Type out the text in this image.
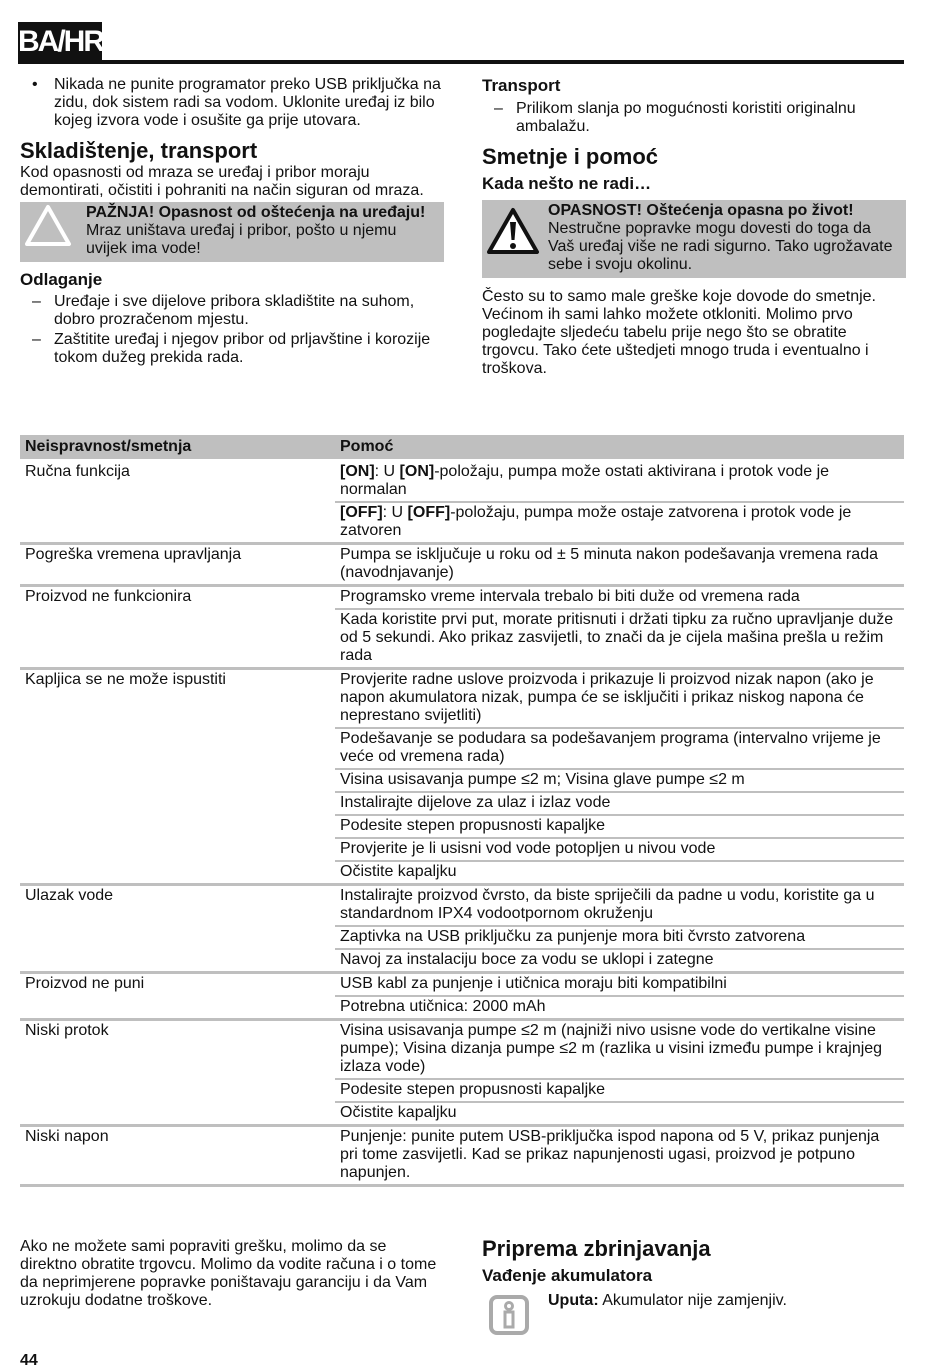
BA/HR

• Nikada ne punite programator preko USB priključka na zidu, dok sistem radi sa vodom. Uklonite uređaj iz bilo kojeg izvora vode i osušite ga prije utovara.

Skladištenje, transport

Kod opasnosti od mraza se uređaj i pribor moraju demontirati, očistiti i pohraniti na način siguran od mraza.

PAŽNJA! Opasnost od oštećenja na uređaju! Mraz uništava uređaj i pribor, pošto u njemu uvijek ima vode!

Odlaganje

– Uređaje i sve dijelove pribora skladištite na suhom, dobro prozračenom mjestu.

– Zaštitite uređaj i njegov pribor od prljavštine i korozije tokom dužeg prekida rada.

Transport

– Prilikom slanja po mogućnosti koristiti originalnu ambalažu.

Smetnje i pomoć
Kada nešto ne radi…

OPASNOST! Oštećenja opasna po život!
Nestručne popravke mogu dovesti do toga da Vaš uređaj više ne radi sigurno. Tako ugrožavate sebe i svoju okolinu.

Često su to samo male greške koje dovode do smetnje. Većinom ih sami lahko možete otkloniti. Molimo prvo pogledajte sljedeću tabelu prije nego što se obratite trgovcu. Tako ćete uštedjeti mnogo truda i eventualno i troškova.

Neispravnost/smetnja	Pomoć
Ručna funkcija	[ON]: U [ON]-položaju, pumpa može ostati aktivirana i protok vode je normalan
	[OFF]: U [OFF]-položaju, pumpa može ostaje zatvorena i protok vode je zatvoren
Pogreška vremena upravljanja	Pumpa se isključuje u roku od ± 5 minuta nakon podešavanja vremena rada (navodnjavanje)
Proizvod ne funkcionira	Programsko vreme intervala trebalo bi biti duže od vremena rada
	Kada koristite prvi put, morate pritisnuti i držati tipku za ručno upravljanje duže od 5 sekundi. Ako prikaz zasvijetli, to znači da je cijela mašina prešla u režim rada
Kapljica se ne može ispustiti	Provjerite radne uslove proizvoda i prikazuje li proizvod nizak napon (ako je napon akumulatora nizak, pumpa će se isključiti i prikaz niskog napona će neprestano svijetliti)
	Podešavanje se podudara sa podešavanjem programa (intervalno vrijeme je veće od vremena rada)
	Visina usisavanja pumpe ≤2 m; Visina glave pumpe ≤2 m
	Instalirajte dijelove za ulaz i izlaz vode
	Podesite stepen propusnosti kapaljke
	Provjerite je li usisni vod vode potopljen u nivou vode
	Očistite kapaljku
Ulazak vode	Instalirajte proizvod čvrsto, da biste spriječili da padne u vodu, koristite ga u standardnom IPX4 vodootpornom okruženju
	Zaptivka na USB priključku za punjenje mora biti čvrsto zatvorena
	Navoj za instalaciju boce za vodu se uklopi i zategne
Proizvod ne puni	USB kabl za punjenje i utičnica moraju biti kompatibilni
	Potrebna utičnica: 2000 mAh
Niski protok	Visina usisavanja pumpe ≤2 m (najniži nivo usisne vode do vertikalne visine pumpe); Visina dizanja pumpe ≤2 m (razlika u visini između pumpe i krajnjeg izlaza vode)
	Podesite stepen propusnosti kapaljke
	Očistite kapaljku
Niski napon	Punjenje: punite putem USB-priključka ispod napona od 5 V, prikaz punjenja pri tome zasvijetli. Kad se prikaz napunjenosti ugasi, proizvod je potpuno napunjen.

Ako ne možete sami popraviti grešku, molimo da se direktno obratite trgovcu. Molimo da vodite računa i o tome da neprimjerene popravke poništavaju garanciju i da Vam uzrokuju dodatne troškove.

Priprema zbrinjavanja
Vađenje akumulatora

Uputa: Akumulator nije zamjenjiv.

44
